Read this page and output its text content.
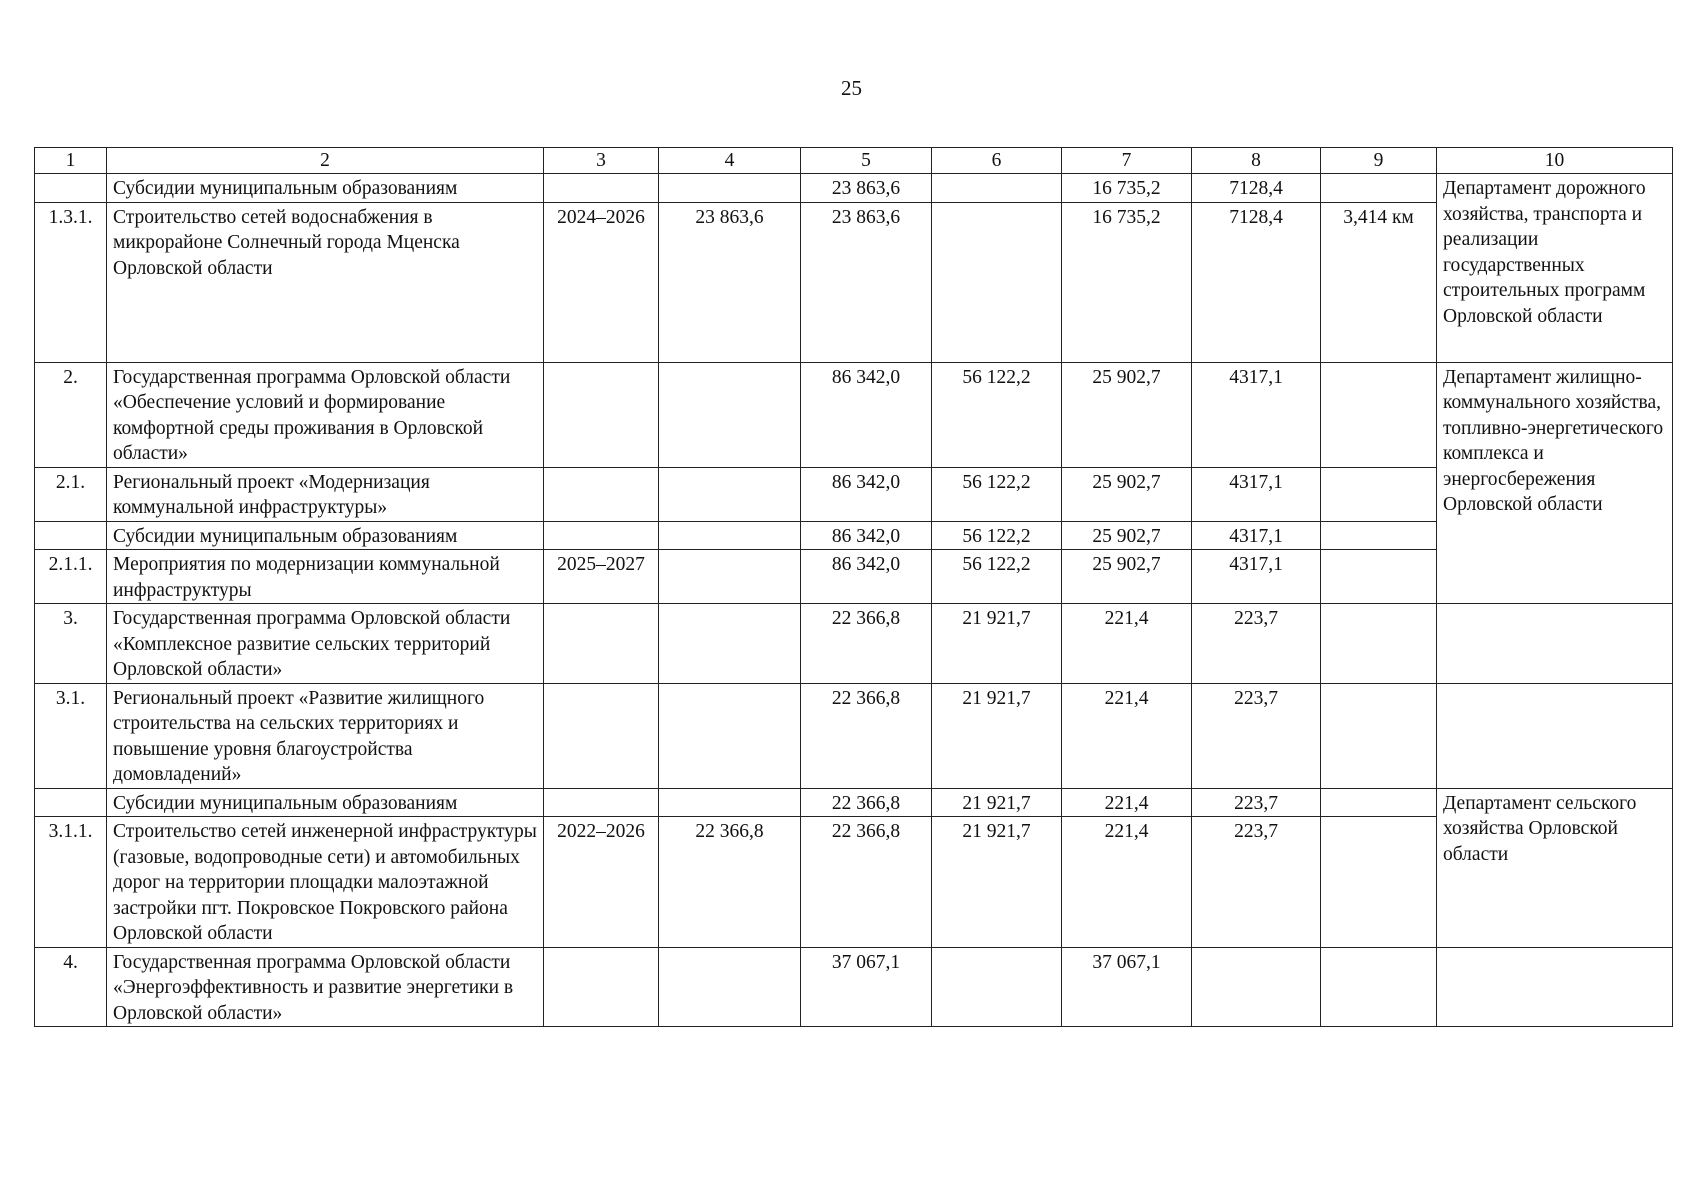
25
1	2	3	4	5	6	7	8	9	10
	Субсидии муниципальным образованиям			23 863,6		16 735,2	7128,4		Департамент дорожного хозяйства, транспорта и реализации государственных строительных программ Орловской области
1.3.1.	Строительство сетей водоснабжения в микрорайоне Солнечный города Мценска Орловской области	2024–2026	23 863,6	23 863,6		16 735,2	7128,4	3,414 км	
2.	Государственная программа Орловской области «Обеспечение условий и формирование комфортной среды проживания в Орловской области»			86 342,0	56 122,2	25 902,7	4317,1		Департамент жилищно-коммунального хозяйства, топливно-энергетического комплекса и энергосбережения Орловской области
2.1.	Региональный проект «Модернизация коммунальной инфраструктуры»			86 342,0	56 122,2	25 902,7	4317,1		
	Субсидии муниципальным образованиям			86 342,0	56 122,2	25 902,7	4317,1		
2.1.1.	Мероприятия по модернизации коммунальной инфраструктуры	2025–2027		86 342,0	56 122,2	25 902,7	4317,1		
3.	Государственная программа Орловской области «Комплексное развитие сельских территорий Орловской области»			22 366,8	21 921,7	221,4	223,7		
3.1.	Региональный проект «Развитие жилищного строительства на сельских территориях и повышение уровня благоустройства домовладений»			22 366,8	21 921,7	221,4	223,7		
	Субсидии муниципальным образованиям			22 366,8	21 921,7	221,4	223,7		Департамент сельского хозяйства Орловской области
3.1.1.	Строительство сетей инженерной инфраструктуры (газовые, водопроводные сети) и автомобильных дорог на территории площадки малоэтажной застройки пгт. Покровское Покровского района Орловской области	2022–2026	22 366,8	22 366,8	21 921,7	221,4	223,7		
4.	Государственная программа Орловской области «Энергоэффективность и развитие энергетики в Орловской области»			37 067,1		37 067,1			
